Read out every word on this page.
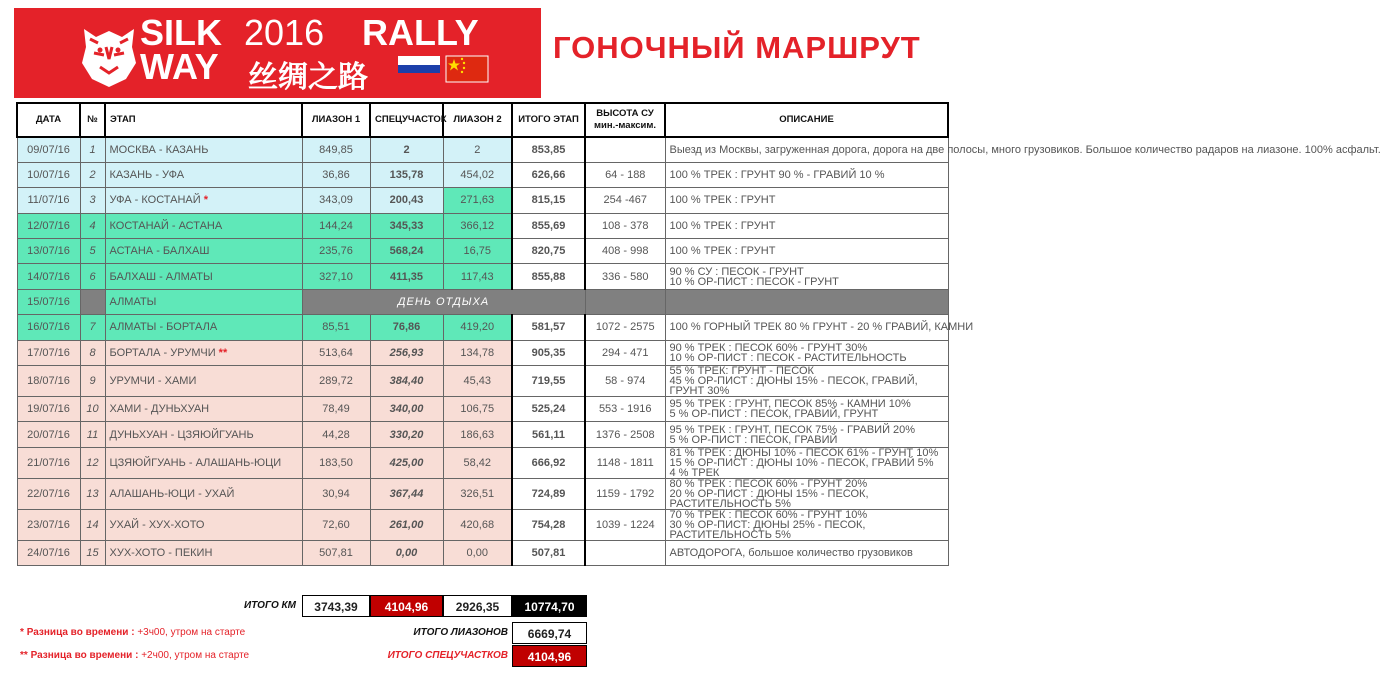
SILK
WAY
2016 RALLY
丝绸之路
ГОНОЧНЫЙ МАРШРУТ
ДАТА	№	ЭТАП	ЛИАЗОН 1	СПЕЦУЧАСТОК	ЛИАЗОН 2	ИТОГО ЭТАП	ВЫСОТА СУ мин.-максим.	ОПИСАНИЕ
09/07/16	1	МОСКВА - КАЗАНЬ	849,85	2	2	853,85		Выезд из Москвы, загруженная дорога, дорога на две полосы, много грузовиков. Большое количество радаров на лиазоне. 100% асфальт.
10/07/16	2	КАЗАНЬ - УФА	36,86	135,78	454,02	626,66	64 - 188	100 % ТРЕК : ГРУНТ 90 % - ГРАВИЙ 10 %
11/07/16	3	УФА - КОСТАНАЙ *	343,09	200,43	271,63	815,15	254 -467	100 % ТРЕК : ГРУНТ
12/07/16	4	КОСТАНАЙ - АСТАНА	144,24	345,33	366,12	855,69	108 - 378	100 % ТРЕК : ГРУНТ
13/07/16	5	АСТАНА - БАЛХАШ	235,76	568,24	16,75	820,75	408 - 998	100 % ТРЕК : ГРУНТ
14/07/16	6	БАЛХАШ - АЛМАТЫ	327,10	411,35	117,43	855,88	336 - 580	90 % СУ : ПЕСОК - ГРУНТ
10 % ОР-ПИСТ : ПЕСОК - ГРУНТ
15/07/16		АЛМАТЫ	ДЕНЬ ОТДЫХА					
16/07/16	7	АЛМАТЫ - БОРТАЛА	85,51	76,86	419,20	581,57	1072 - 2575	100 % ГОРНЫЙ ТРЕК 80 % ГРУНТ - 20 % ГРАВИЙ, КАМНИ
17/07/16	8	БОРТАЛА - УРУМЧИ **	513,64	256,93	134,78	905,35	294 - 471	90 % ТРЕК : ПЕСОК 60% - ГРУНТ 30%
10 % ОР-ПИСТ : ПЕСОК - РАСТИТЕЛЬНОСТЬ
18/07/16	9	УРУМЧИ - ХАМИ	289,72	384,40	45,43	719,55	58 - 974	55 % ТРЕК: ГРУНТ - ПЕСОК
45 % ОР-ПИСТ : ДЮНЫ 15% - ПЕСОК, ГРАВИЙ, ГРУНТ 30%
19/07/16	10	ХАМИ - ДУНЬХУАН	78,49	340,00	106,75	525,24	553 - 1916	95 % ТРЕК : ГРУНТ, ПЕСОК 85% - КАМНИ 10%
5 % ОР-ПИСТ : ПЕСОК, ГРАВИЙ, ГРУНТ
20/07/16	11	ДУНЬХУАН - ЦЗЯЮЙГУАНЬ	44,28	330,20	186,63	561,11	1376 - 2508	95 % ТРЕК : ГРУНТ, ПЕСОК 75% - ГРАВИЙ 20%
5 % ОР-ПИСТ : ПЕСОК, ГРАВИЙ
21/07/16	12	ЦЗЯЮЙГУАНЬ - АЛАШАНЬ-ЮЦИ	183,50	425,00	58,42	666,92	1148 - 1811	81 % ТРЕК : ДЮНЫ 10% - ПЕСОК 61% - ГРУНТ 10%
15 % ОР-ПИСТ : ДЮНЫ 10% - ПЕСОК, ГРАВИЙ 5%
4 % ТРЕК
22/07/16	13	АЛАШАНЬ-ЮЦИ - УХАЙ	30,94	367,44	326,51	724,89	1159 - 1792	80 % ТРЕК : ПЕСОК 60% - ГРУНТ 20%
20 % ОР-ПИСТ : ДЮНЫ 15% - ПЕСОК, РАСТИТЕЛЬНОСТЬ 5%
23/07/16	14	УХАЙ - ХУХ-ХОТО	72,60	261,00	420,68	754,28	1039 - 1224	70 % ТРЕК : ПЕСОК 60% - ГРУНТ 10%
30 % ОР-ПИСТ: ДЮНЫ 25% - ПЕСОК, РАСТИТЕЛЬНОСТЬ 5%
24/07/16	15	ХУХ-ХОТО - ПЕКИН	507,81	0,00	0,00	507,81		АВТОДОРОГА, большое количество грузовиков
ИТОГО КМ	3743,39	4104,96	2926,35	10774,70
ИТОГО ЛИАЗОНОВ	6669,74
ИТОГО СПЕЦУЧАСТКОВ	4104,96
* Разница во времени : +3ч00, утром на старте
** Разница во времени : +2ч00, утром на старте
